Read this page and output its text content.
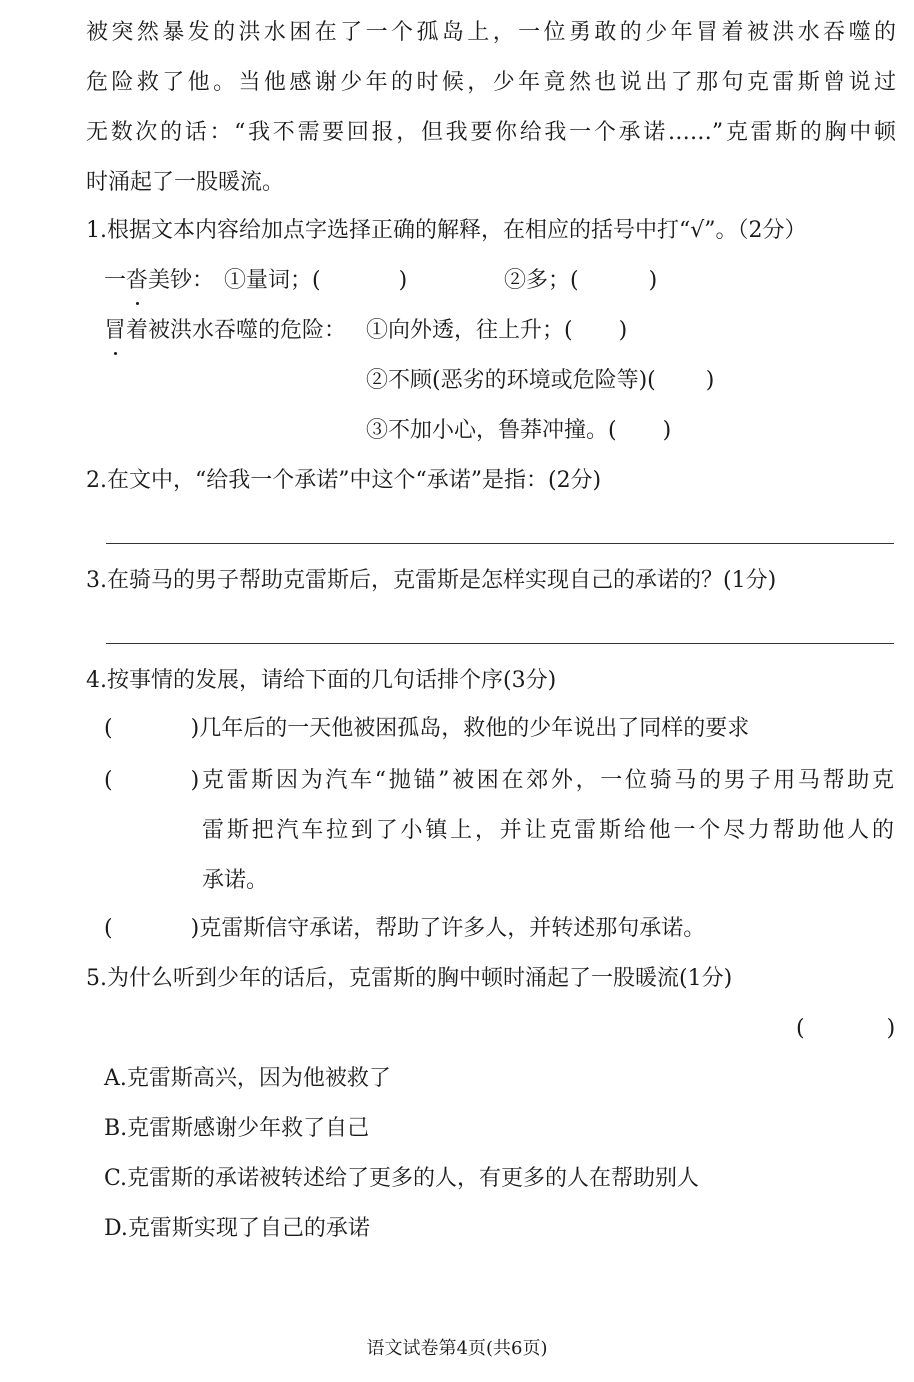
被突然暴发的洪水困在了一个孤岛上，一位勇敢的少年冒着被洪水吞噬的
危险救了他。当他感谢少年的时候，少年竟然也说出了那句克雷斯曾说过
无数次的话：“我不需要回报，但我要你给我一个承诺……”克雷斯的胸中顿
时涌起了一股暖流。
1.根据文本内容给加点字选择正确的解释，在相应的括号中打“√”。（2分）
一沓美钞： ①量词；(	)	②多；(	)
冒着被洪水吞噬的危险： ①向外透，往上升；( )
②不顾(恶劣的环境或危险等)( )
③不加小心，鲁莽冲撞。( )
2.在文中，“给我一个承诺”中这个“承诺”是指：(2分)
3.在骑马的男子帮助克雷斯后，克雷斯是怎样实现自己的承诺的？(1分)
4.按事情的发展，请给下面的几句话排个序(3分)
(	)几年后的一天他被困孤岛，救他的少年说出了同样的要求
(	)克雷斯因为汽车“抛锚”被困在郊外，一位骑马的男子用马帮助克
雷斯把汽车拉到了小镇上，并让克雷斯给他一个尽力帮助他人的
承诺。
(	)克雷斯信守承诺，帮助了许多人，并转述那句承诺。
5.为什么听到少年的话后，克雷斯的胸中顿时涌起了一股暖流(1分)
(	)
A.克雷斯高兴，因为他被救了
B.克雷斯感谢少年救了自己
C.克雷斯的承诺被转述给了更多的人，有更多的人在帮助别人
D.克雷斯实现了自己的承诺
语文试卷第4页(共6页)
